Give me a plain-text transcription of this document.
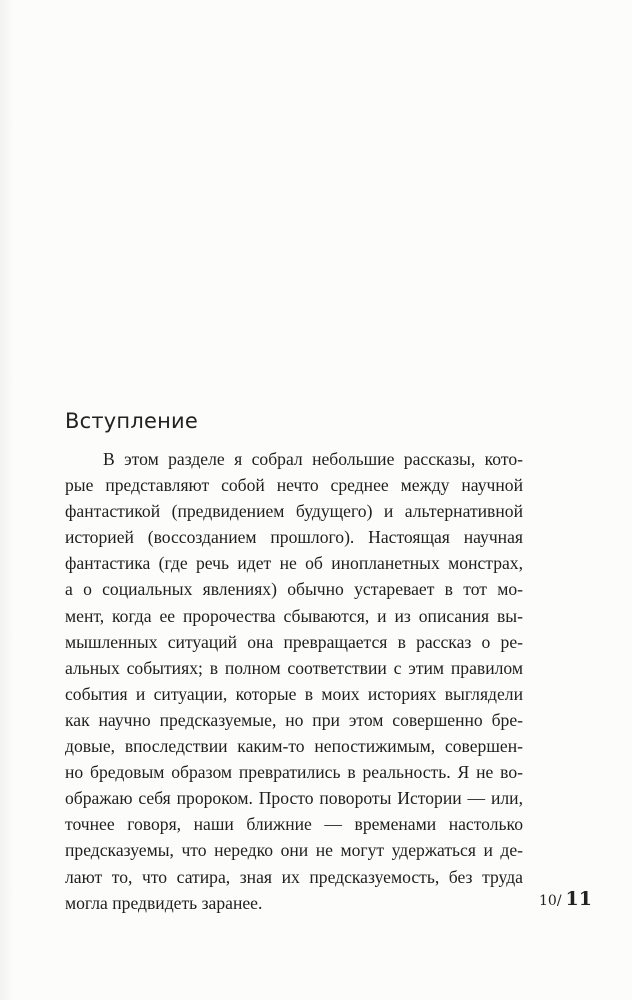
Вступление
В этом разделе я собрал небольшие рассказы, кото-
рые представляют собой нечто среднее между научной
фантастикой (предвидением будущего) и альтернативной
историей (воссозданием прошлого). Настоящая научная
фантастика (где речь идет не об инопланетных монстрах,
а о социальных явлениях) обычно устаревает в тот мо-
мент, когда ее пророчества сбываются, и из описания вы-
мышленных ситуаций она превращается в рассказ о ре-
альных событиях; в полном соответствии с этим правилом
события и ситуации, которые в моих историях выглядели
как научно предсказуемые, но при этом совершенно бре-
довые, впоследствии каким-то непостижимым, совершен-
но бредовым образом превратились в реальность. Я не во-
ображаю себя пророком. Просто повороты Истории — или,
точнее говоря, наши ближние — временами настолько
предсказуемы, что нередко они не могут удержаться и де-
лают то, что сатира, зная их предсказуемость, без труда
могла предвидеть заранее.	10/ 11
